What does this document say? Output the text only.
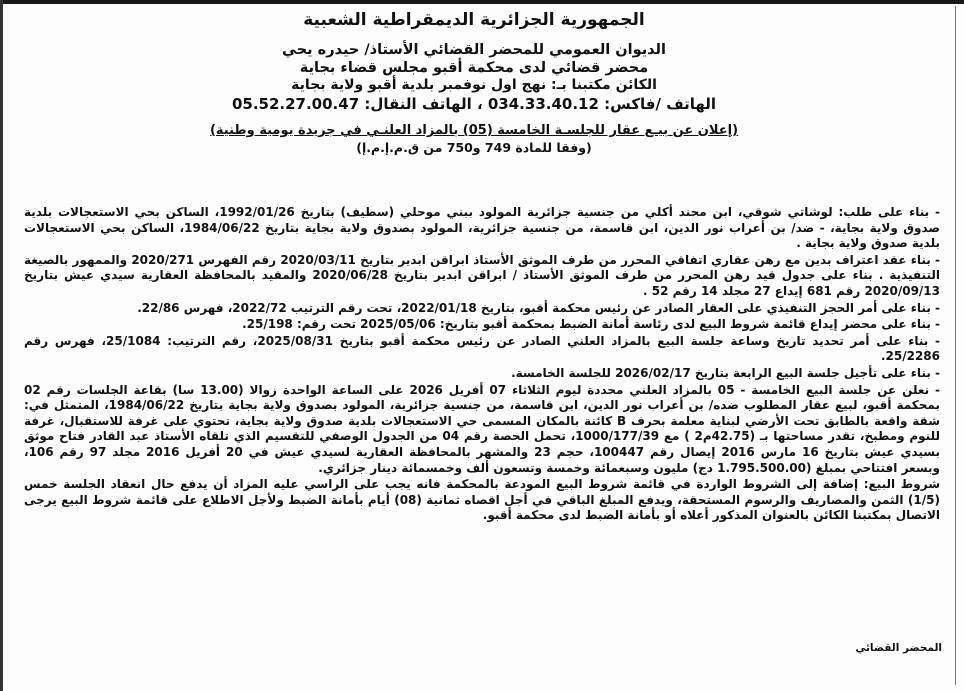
الجمهورية الجزائرية الديمقراطية الشعبية

الديوان العمومي للمحضر القضائي الأستاذ/ حيدره يحي

محضر قضائي لدى محكمة أقبو مجلس قضاء بجاية

الكائن مكتبنا بـ: نهج اول نوفمبر بلدية أقبو ولاية بجاية

الهاتف /فاكس: 034.33.40.12 ، الهاتف النقال: 05.52.27.00.47

(إعلان عن بيـع عقار للجلسـة الخامسة (05) بالمزاد العلنـي في جريدة يومية وطنية)

(وفقا للمادة 749 و750 من ق.م.إ.م.إ)

- بناء على طلب: لوشاتي شوقي، ابن محند أكلي من جنسية جزائرية المولود ببني موحلي (سطيف) بتاريخ 1992/01/26، الساكن بحي الاستعجالات بلدية صدوق ولاية بجاية، - ضد/ بن أعراب نور الدين، ابن قاسمة، من جنسية جزائرية، المولود بصدوق ولاية بجاية بتاريخ 1984/06/22، الساكن بحي الاستعجالات بلدية صدوق ولاية بجاية .

- بناء عقد اعتراف بدين مع رهن عقاري اتفاقي المحرر من طرف الموثق الأستاذ ابراقن ابدير بتاريخ 2020/03/11 رقم الفهرس 2020/271 والممهور بالصيغة التنفيذية . بناء على جدول قيد رهن المحرر من طرف الموثق الأستاذ / ابراقن ابدير بتاريخ 2020/06/28 والمقيد بالمحافظة العقارية سيدي عيش بتاريخ 2020/09/13 رقم 681 إيداع 27 مجلد 14 رقم 52 .

- بناء على أمر الحجز التنفيذي على العقار الصادر عن رئيس محكمة أقبو، بتاريخ 2022/01/18، تحت رقم الترتيب 2022/72، فهرس 22/86.

- بناء على محضر إيداع قائمة شروط البيع لدى رئاسة أمانة الضبط بمحكمة أقبو بتاريخ: 2025/05/06 تحت رقم: 25/198.

- بناء على أمر تحديد تاريخ وساعة جلسة البيع بالمزاد العلني الصادر عن رئيس محكمة أقبو بتاريخ 2025/08/31، رقم الترتيب: 25/1084، فهرس رقم 25/2286.

- بناء على تأجيل جلسة البيع الرابعة بتاريخ 2026/02/17 للجلسة الخامسة.

- نعلن عن جلسة البيع الخامسة - 05 بالمزاد العلني محددة ليوم الثلاثاء 07 أفريل 2026 على الساعة الواحدة زوالا (13.00 سا) بقاعة الجلسات رقم 02 بمحكمة أقبو، لبيع عقار المطلوب ضده/ بن أعراب نور الدين، ابن قاسمة، من جنسية جزائرية، المولود بصدوق ولاية بجاية بتاريخ 1984/06/22، المتمثل في: شقة واقعة بالطابق تحت الأرضي لبناية معلمة بحرف B كائنة بالمكان المسمى حي الاستعجالات بلدية صدوق ولاية بجاية، تحتوي على غرفة للاستقبال، غرفة للنوم ومطبخ، تقدر مساحتها بـ (42.75م2 ) مع 1000/177/39، تحمل الحصة رقم 04 من الجدول الوصفي للتقسيم الذي تلقاه الأستاذ عبد القادر فتاح موثق بسيدي عيش بتاريخ 16 مارس 2016 إيصال رقم 100447، حجم 23 والمشهر بالمحافظة العقارية لسيدي عيش في 20 أفريل 2016 مجلد 97 رقم 106، وبسعر افتتاحي بمبلغ (1.795.500.00 دج) مليون وسبعمائة وخمسة وتسعون ألف وخمسمائة دينار جزائري.

شروط البيع: إضافة إلى الشروط الواردة في قائمة شروط البيع المودعة بالمحكمة فانه يجب على الراسي عليه المزاد أن يدفع حال انعقاد الجلسة خمس (1/5) الثمن والمصاريف والرسوم المستحقة، ويدفع المبلغ الباقي في أجل اقصاه ثمانية (08) أيام بأمانة الضبط ولأجل الاطلاع على قائمة شروط البيع يرجى الاتصال بمكتبنا الكائن بالعنوان المذكور أعلاه أو بأمانة الضبط لدى محكمة أقبو.

المحضر القضائي
